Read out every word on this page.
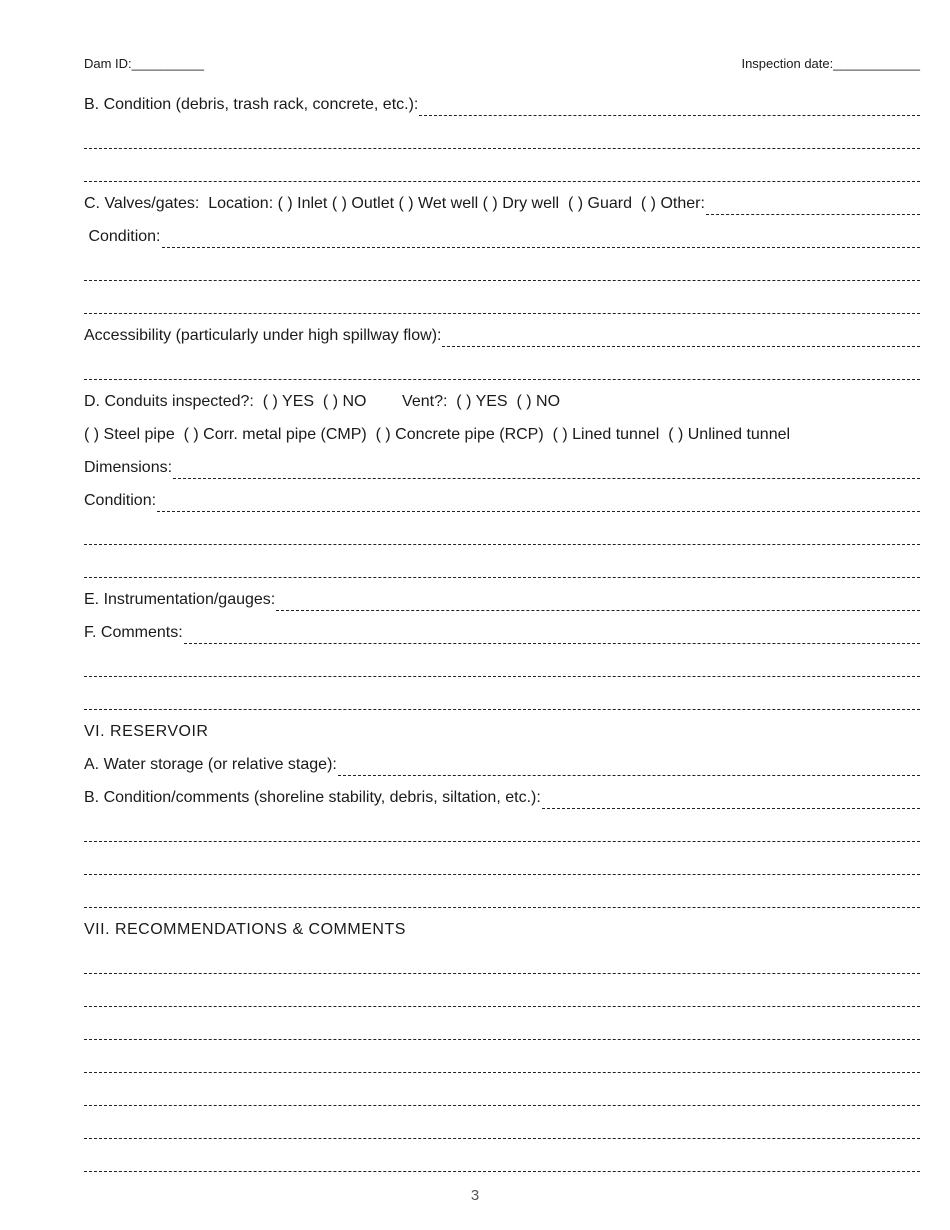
Dam ID:__________	Inspection date:____________
B. Condition (debris, trash rack, concrete, etc.):
C. Valves/gates:  Location: ( ) Inlet ( ) Outlet ( ) Wet well ( ) Dry well  ( ) Guard  ( ) Other:
Condition:
Accessibility (particularly under high spillway flow):
D. Conduits inspected?:  ( ) YES  ( ) NO        Vent?:  ( ) YES  ( ) NO
( ) Steel pipe  ( ) Corr. metal pipe (CMP)  ( ) Concrete pipe (RCP)  ( ) Lined tunnel  ( ) Unlined tunnel
Dimensions:
Condition:
E. Instrumentation/gauges:
F. Comments:
VI. RESERVOIR
A. Water storage (or relative stage):
B. Condition/comments (shoreline stability, debris, siltation, etc.):
VII. RECOMMENDATIONS & COMMENTS
3
